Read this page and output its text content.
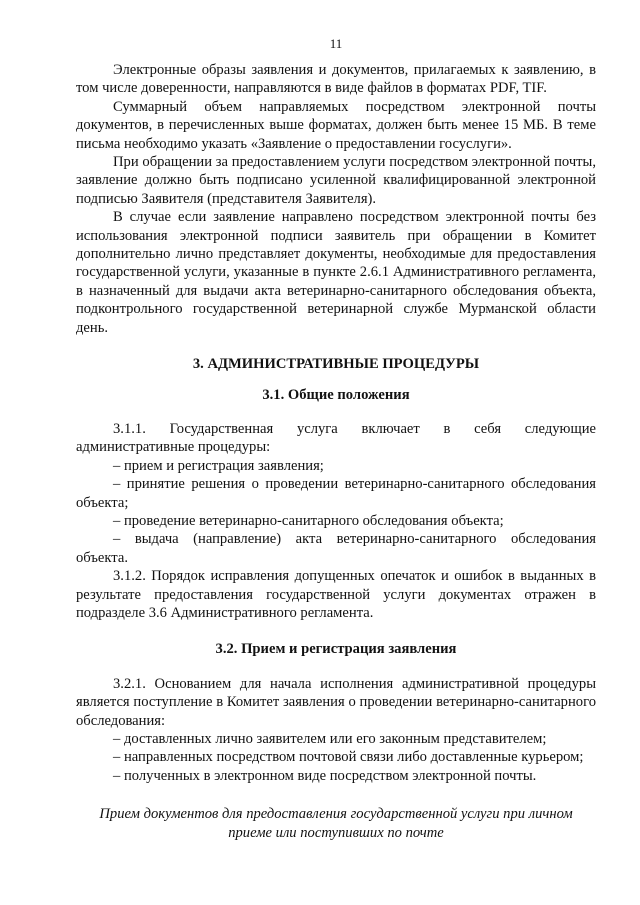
11

Электронные образы заявления и документов, прилагаемых к заявлению, в том числе доверенности, направляются в виде файлов в форматах PDF, TIF.

Суммарный объем направляемых посредством электронной почты документов, в перечисленных выше форматах, должен быть менее 15 МБ. В теме письма необходимо указать «Заявление о предоставлении госуслуги».

При обращении за предоставлением услуги посредством электронной почты, заявление должно быть подписано усиленной квалифицированной электронной подписью Заявителя (представителя Заявителя).

В случае если заявление направлено посредством электронной почты без использования электронной подписи заявитель при обращении в Комитет дополнительно лично представляет документы, необходимые для предоставления государственной услуги, указанные в пункте 2.6.1 Административного регламента, в назначенный для выдачи акта ветеринарно-санитарного обследования объекта, подконтрольного государственной ветеринарной службе Мурманской области день.

3. АДМИНИСТРАТИВНЫЕ ПРОЦЕДУРЫ
3.1. Общие положения

3.1.1. Государственная услуга включает в себя следующие административные процедуры:

– прием и регистрация заявления;

– принятие решения о проведении ветеринарно-санитарного обследования объекта;

– проведение ветеринарно-санитарного обследования объекта;

– выдача (направление) акта ветеринарно-санитарного обследования объекта.

3.1.2. Порядок исправления допущенных опечаток и ошибок в выданных в результате предоставления государственной услуги документах отражен в подразделе 3.6 Административного регламента.

3.2. Прием и регистрация заявления

3.2.1. Основанием для начала исполнения административной процедуры является поступление в Комитет заявления о проведении ветеринарно-санитарного обследования:

– доставленных лично заявителем или его законным представителем;

– направленных посредством почтовой связи либо доставленные курьером;

– полученных в электронном виде посредством электронной почты.

Прием документов для предоставления государственной услуги при личном приеме или поступивших по почте
